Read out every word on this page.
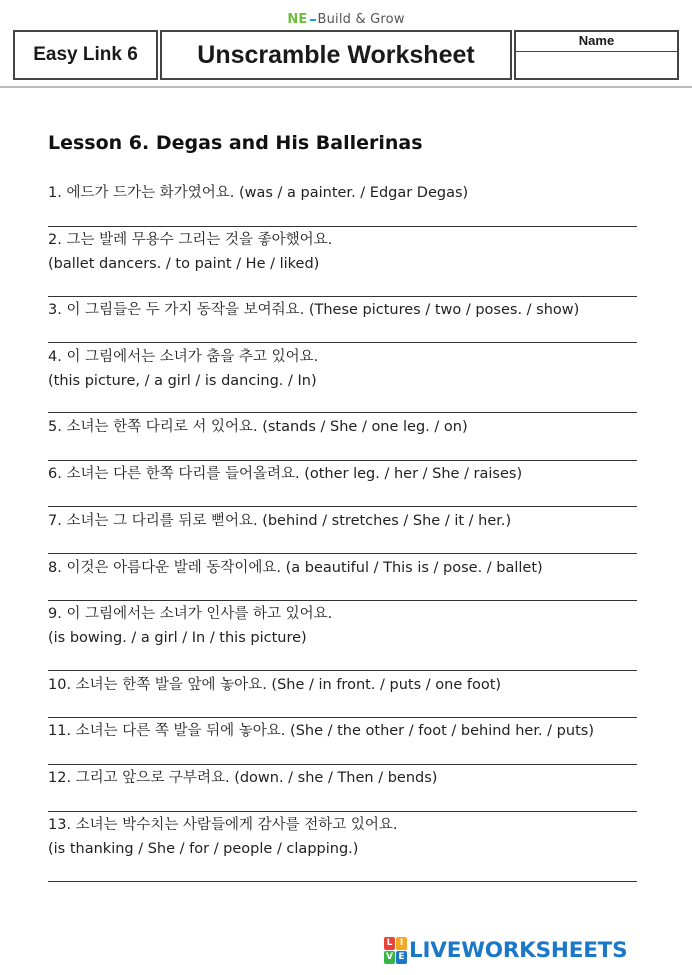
NE Build & Grow
Easy Link 6 Unscramble Worksheet	Name
Lesson 6. Degas and His Ballerinas
1. 에드가 드가는 화가였어요. (was / a painter. / Edgar Degas)
2. 그는 발레 무용수 그리는 것을 좋아했어요.
(ballet dancers. / to paint / He / liked)
3. 이 그림들은 두 가지 동작을 보여줘요. (These pictures / two / poses. / show)
4. 이 그림에서는 소녀가 춤을 추고 있어요.
(this picture, / a girl / is dancing. / In)
5. 소녀는 한쪽 다리로 서 있어요. (stands / She / one leg. / on)
6. 소녀는 다른 한쪽 다리를 들어올려요. (other leg. / her / She / raises)
7. 소녀는 그 다리를 뒤로 뻗어요. (behind / stretches / She / it / her.)
8. 이것은 아름다운 발레 동작이에요. (a beautiful / This is / pose. / ballet)
9. 이 그림에서는 소녀가 인사를 하고 있어요.
(is bowing. / a girl / In / this picture)
10. 소녀는 한쪽 발을 앞에 놓아요. (She / in front. / puts / one foot)
11. 소녀는 다른 쪽 발을 뒤에 놓아요. (She / the other / foot / behind her. / puts)
12. 그리고 앞으로 구부려요. (down. / she / Then / bends)
13. 소녀는 박수치는 사람들에게 감사를 전하고 있어요.
(is thanking / She / for / people / clapping.)
L I
V E LIVEWORKSHEETS
